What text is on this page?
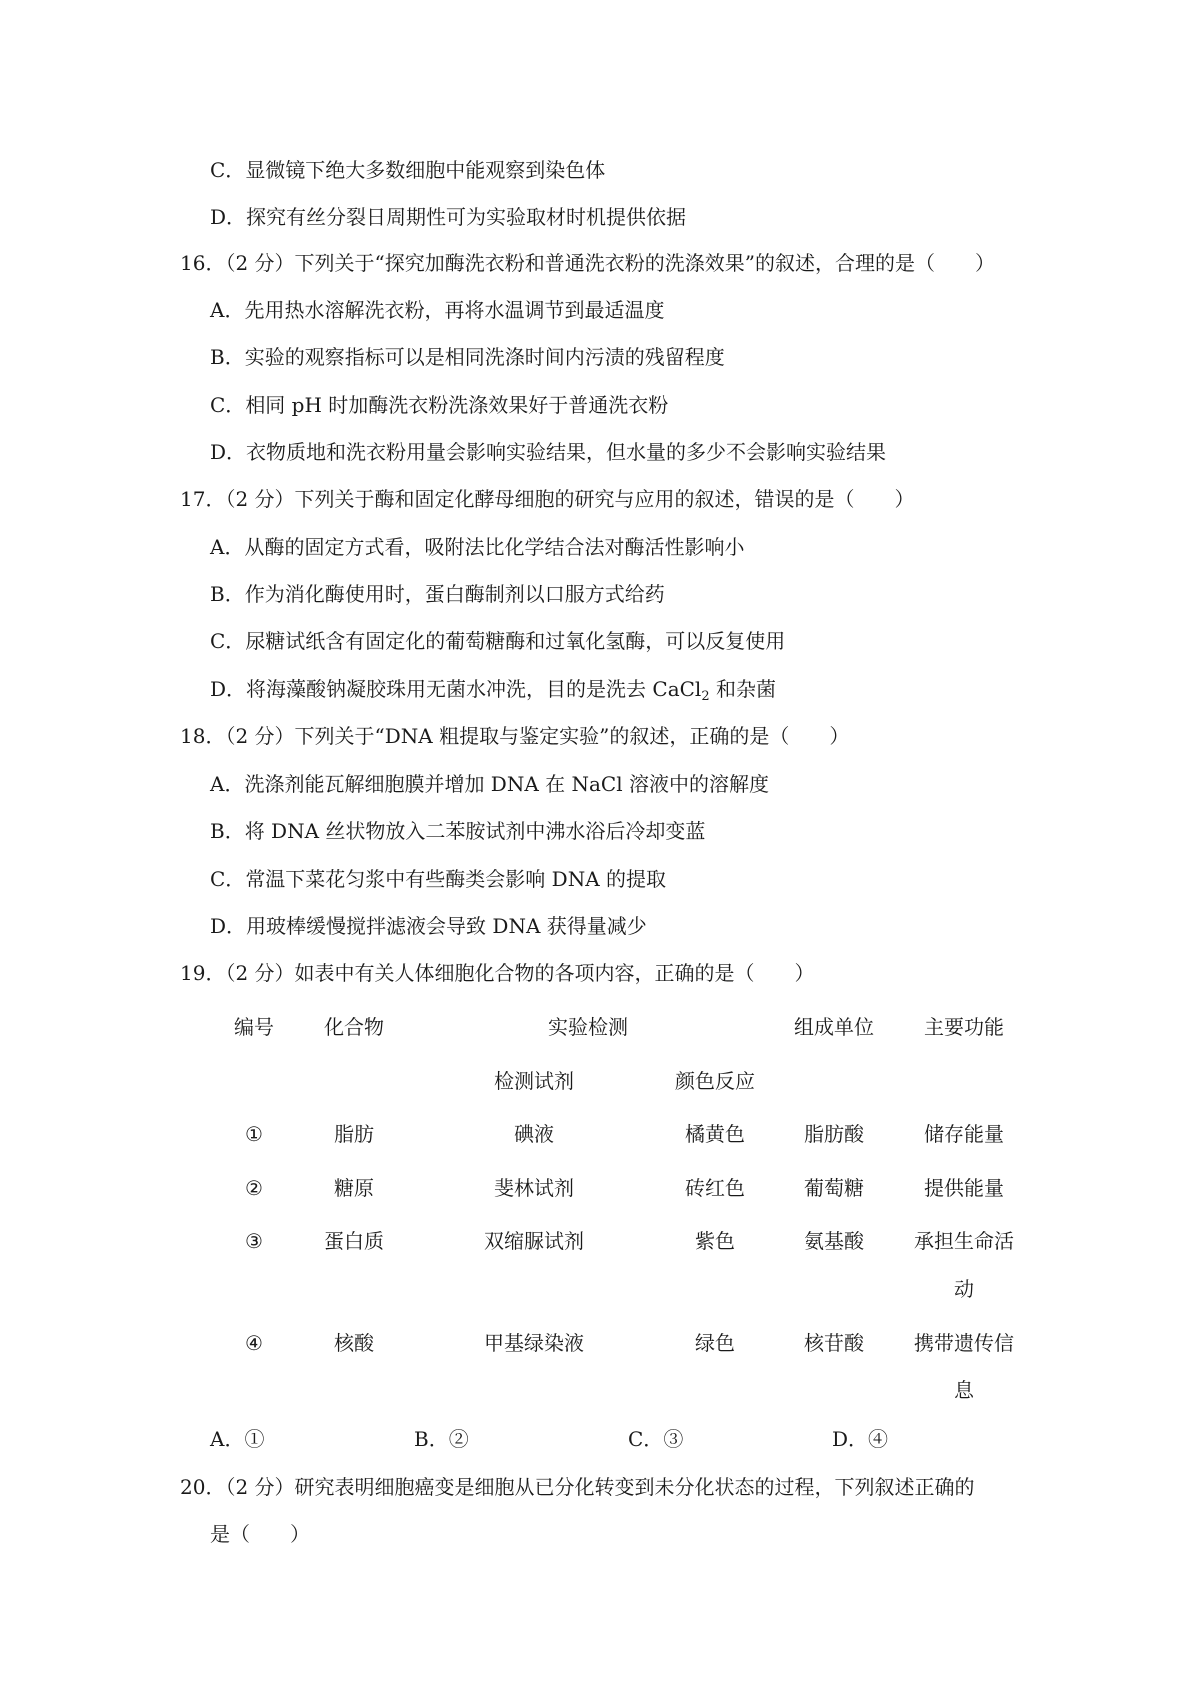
C．显微镜下绝大多数细胞中能观察到染色体
D．探究有丝分裂日周期性可为实验取材时机提供依据
16．（2 分）下列关于“探究加酶洗衣粉和普通洗衣粉的洗涤效果”的叙述，合理的是（　　）
A．先用热水溶解洗衣粉，再将水温调节到最适温度
B．实验的观察指标可以是相同洗涤时间内污渍的残留程度
C．相同 pH 时加酶洗衣粉洗涤效果好于普通洗衣粉
D．衣物质地和洗衣粉用量会影响实验结果，但水量的多少不会影响实验结果
17．（2 分）下列关于酶和固定化酵母细胞的研究与应用的叙述，错误的是（　　）
A．从酶的固定方式看，吸附法比化学结合法对酶活性影响小
B．作为消化酶使用时，蛋白酶制剂以口服方式给药
C．尿糖试纸含有固定化的葡萄糖酶和过氧化氢酶，可以反复使用
D．将海藻酸钠凝胶珠用无菌水冲洗，目的是洗去 CaCl$_2$ 和杂菌
18．（2 分）下列关于“DNA 粗提取与鉴定实验”的叙述，正确的是（　　）
A．洗涤剂能瓦解细胞膜并增加 DNA 在 NaCl 溶液中的溶解度
B．将 DNA 丝状物放入二苯胺试剂中沸水浴后冷却变蓝
C．常温下菜花匀浆中有些酶类会影响 DNA 的提取
D．用玻棒缓慢搅拌滤液会导致 DNA 获得量减少
19．（2 分）如表中有关人体细胞化合物的各项内容，正确的是（　　）
编号	化合物	实验检测	组成单位	主要功能
检测试剂	颜色反应
①	脂肪	碘液	橘黄色	脂肪酸	储存能量
②	糖原	斐林试剂	砖红色	葡萄糖	提供能量
③	蛋白质	双缩脲试剂	紫色	氨基酸	承担生命活
动
④	核酸	甲基绿染液	绿色	核苷酸	携带遗传信
息
A．①	B．②	C．③	D．④
20．（2 分）研究表明细胞癌变是细胞从已分化转变到未分化状态的过程，下列叙述正确的
是（　　）
